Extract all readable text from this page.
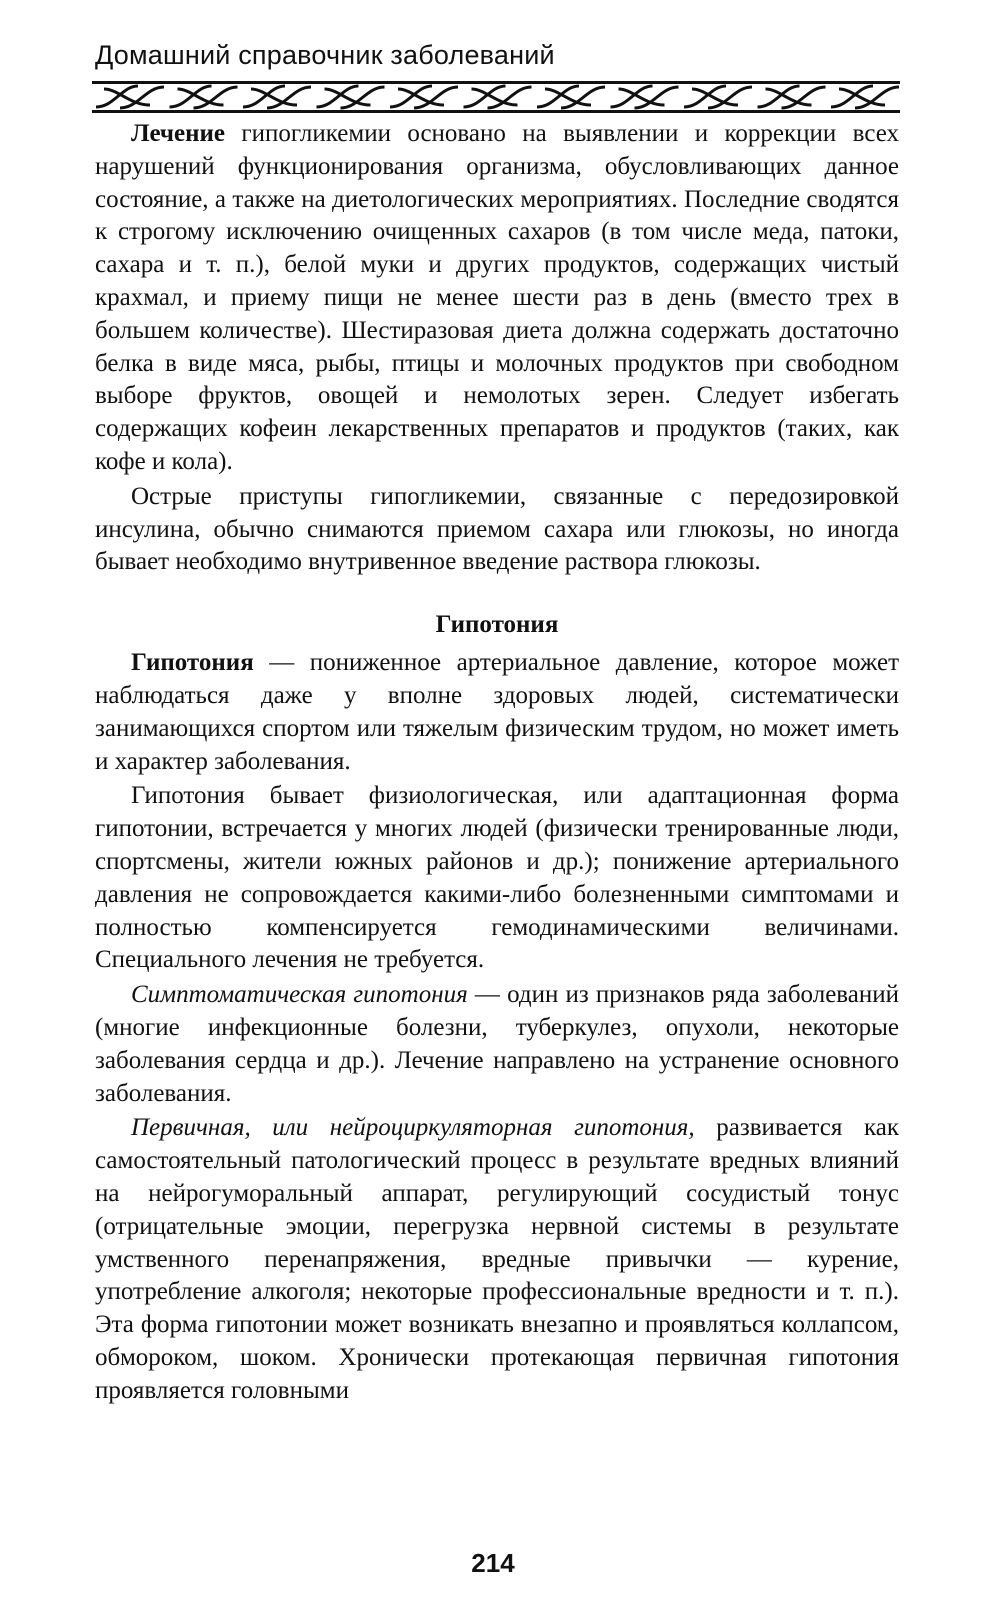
Домашний справочник заболеваний

Лечение гипогликемии основано на выявлении и коррекции всех нарушений функционирования организма, обусловливающих данное состояние, а также на диетологических мероприятиях. Последние сводятся к строгому исключению очищенных сахаров (в том числе меда, патоки, сахара и т. п.), белой муки и других продуктов, содержащих чистый крахмал, и приему пищи не менее шести раз в день (вместо трех в большем количестве). Шестиразовая диета должна содержать достаточно белка в виде мяса, рыбы, птицы и молочных продуктов при свободном выборе фруктов, овощей и немолотых зерен. Следует избегать содержащих кофеин лекарственных препаратов и продуктов (таких, как кофе и кола).

Острые приступы гипогликемии, связанные с передозировкой инсулина, обычно снимаются приемом сахара или глюкозы, но иногда бывает необходимо внутривенное введение раствора глюкозы.

Гипотония

Гипотония — пониженное артериальное давление, которое может наблюдаться даже у вполне здоровых людей, систематически занимающихся спортом или тяжелым физическим трудом, но может иметь и характер заболевания.

Гипотония бывает физиологическая, или адаптационная форма гипотонии, встречается у многих людей (физически тренированные люди, спортсмены, жители южных районов и др.); понижение артериального давления не сопровождается какими-либо болезненными симптомами и полностью компенсируется гемодинамическими величинами. Специального лечения не требуется.

Симптоматическая гипотония — один из признаков ряда заболеваний (многие инфекционные болезни, туберкулез, опухоли, некоторые заболевания сердца и др.). Лечение направлено на устранение основного заболевания.

Первичная, или нейроциркуляторная гипотония, развивается как самостоятельный патологический процесс в результате вредных влияний на нейрогуморальный аппарат, регулирующий сосудистый тонус (отрицательные эмоции, перегрузка нервной системы в результате умственного перенапряжения, вредные привычки — курение, употребление алкоголя; некоторые профессиональные вредности и т. п.). Эта форма гипотонии может возникать внезапно и проявляться коллапсом, обмороком, шоком. Хронически протекающая первичная гипотония проявляется головными

214
